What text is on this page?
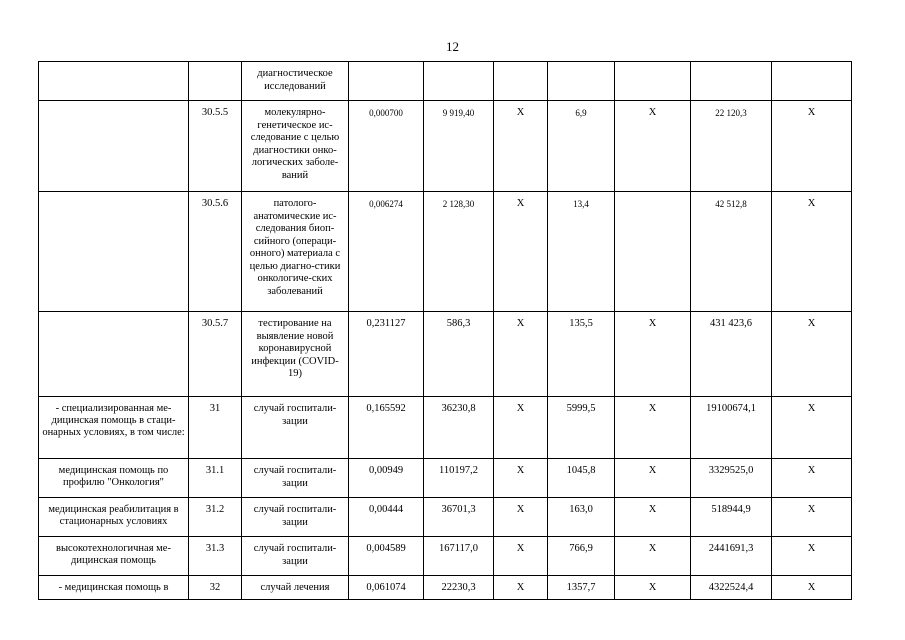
12
		диагностическое исследований							
	30.5.5	молекулярно-генетическое ис-следование с целью диагностики онко-логических заболе-ваний	0,000700	9 919,40	X	6,9	X	22 120,3	X
	30.5.6	патолого-анатомические ис-следования биоп-сийного (операци-онного) материала с целью диагно-стики онкологиче-ских заболеваний	0,006274	2 128,30	X	13,4		42 512,8	X
	30.5.7	тестирование на выявление новой коронавирусной инфекции (COVID-19)	0,231127	586,3	X	135,5	X	431 423,6	X
- специализированная ме-дицинская помощь в стаци-онарных условиях, в том числе:	31	случай госпитали-зации	0,165592	36230,8	X	5999,5	X	19100674,1	X
медицинская помощь по профилю "Онкология"	31.1	случай госпитали-зации	0,00949	110197,2	X	1045,8	X	3329525,0	X
медицинская реабилитация в стационарных условиях	31.2	случай госпитали-зации	0,00444	36701,3	X	163,0	X	518944,9	X
высокотехнологичная ме-дицинская помощь	31.3	случай госпитали-зации	0,004589	167117,0	X	766,9	X	2441691,3	X
- медицинская помощь в	32	случай лечения	0,061074	22230,3	X	1357,7	X	4322524,4	X
